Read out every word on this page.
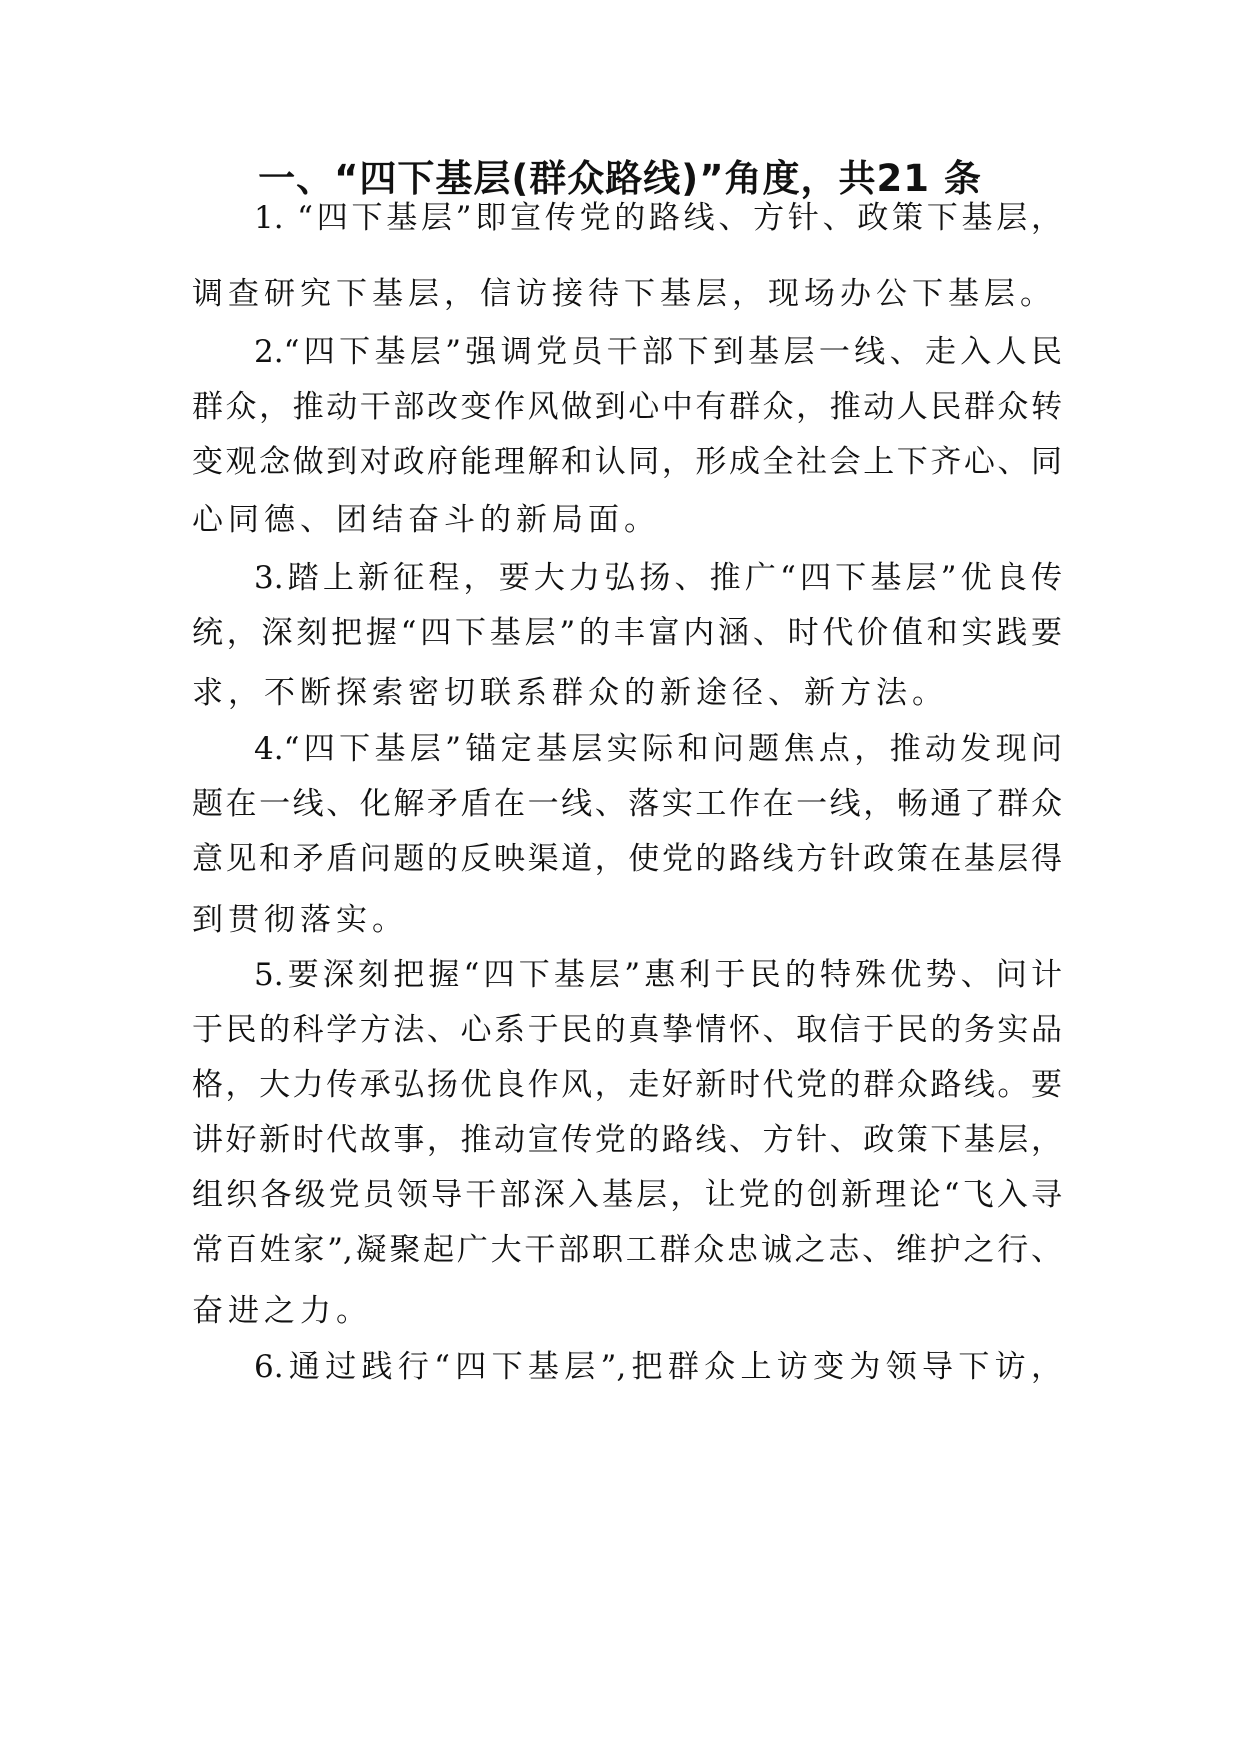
一、“四下基层(群众路线)”角度，共21 条
1. “四下基层”即宣传党的路线、方针、政策下基层，
调查研究下基层，信访接待下基层，现场办公下基层。
2.“四下基层”强调党员干部下到基层一线、走入人民
群众，推动干部改变作风做到心中有群众，推动人民群众转
变观念做到对政府能理解和认同，形成全社会上下齐心、同
心同德、团结奋斗的新局面。
3.踏上新征程，要大力弘扬、推广“四下基层”优良传
统，深刻把握“四下基层”的丰富内涵、时代价值和实践要
求，不断探索密切联系群众的新途径、新方法。
4.“四下基层”锚定基层实际和问题焦点，推动发现问
题在一线、化解矛盾在一线、落实工作在一线，畅通了群众
意见和矛盾问题的反映渠道，使党的路线方针政策在基层得
到贯彻落实。
5.要深刻把握“四下基层”惠利于民的特殊优势、问计
于民的科学方法、心系于民的真挚情怀、取信于民的务实品
格，大力传承弘扬优良作风，走好新时代党的群众路线。要
讲好新时代故事，推动宣传党的路线、方针、政策下基层，
组织各级党员领导干部深入基层，让党的创新理论“飞入寻
常百姓家”,凝聚起广大干部职工群众忠诚之志、维护之行、
奋进之力。
6.通过践行“四下基层”,把群众上访变为领导下访，
